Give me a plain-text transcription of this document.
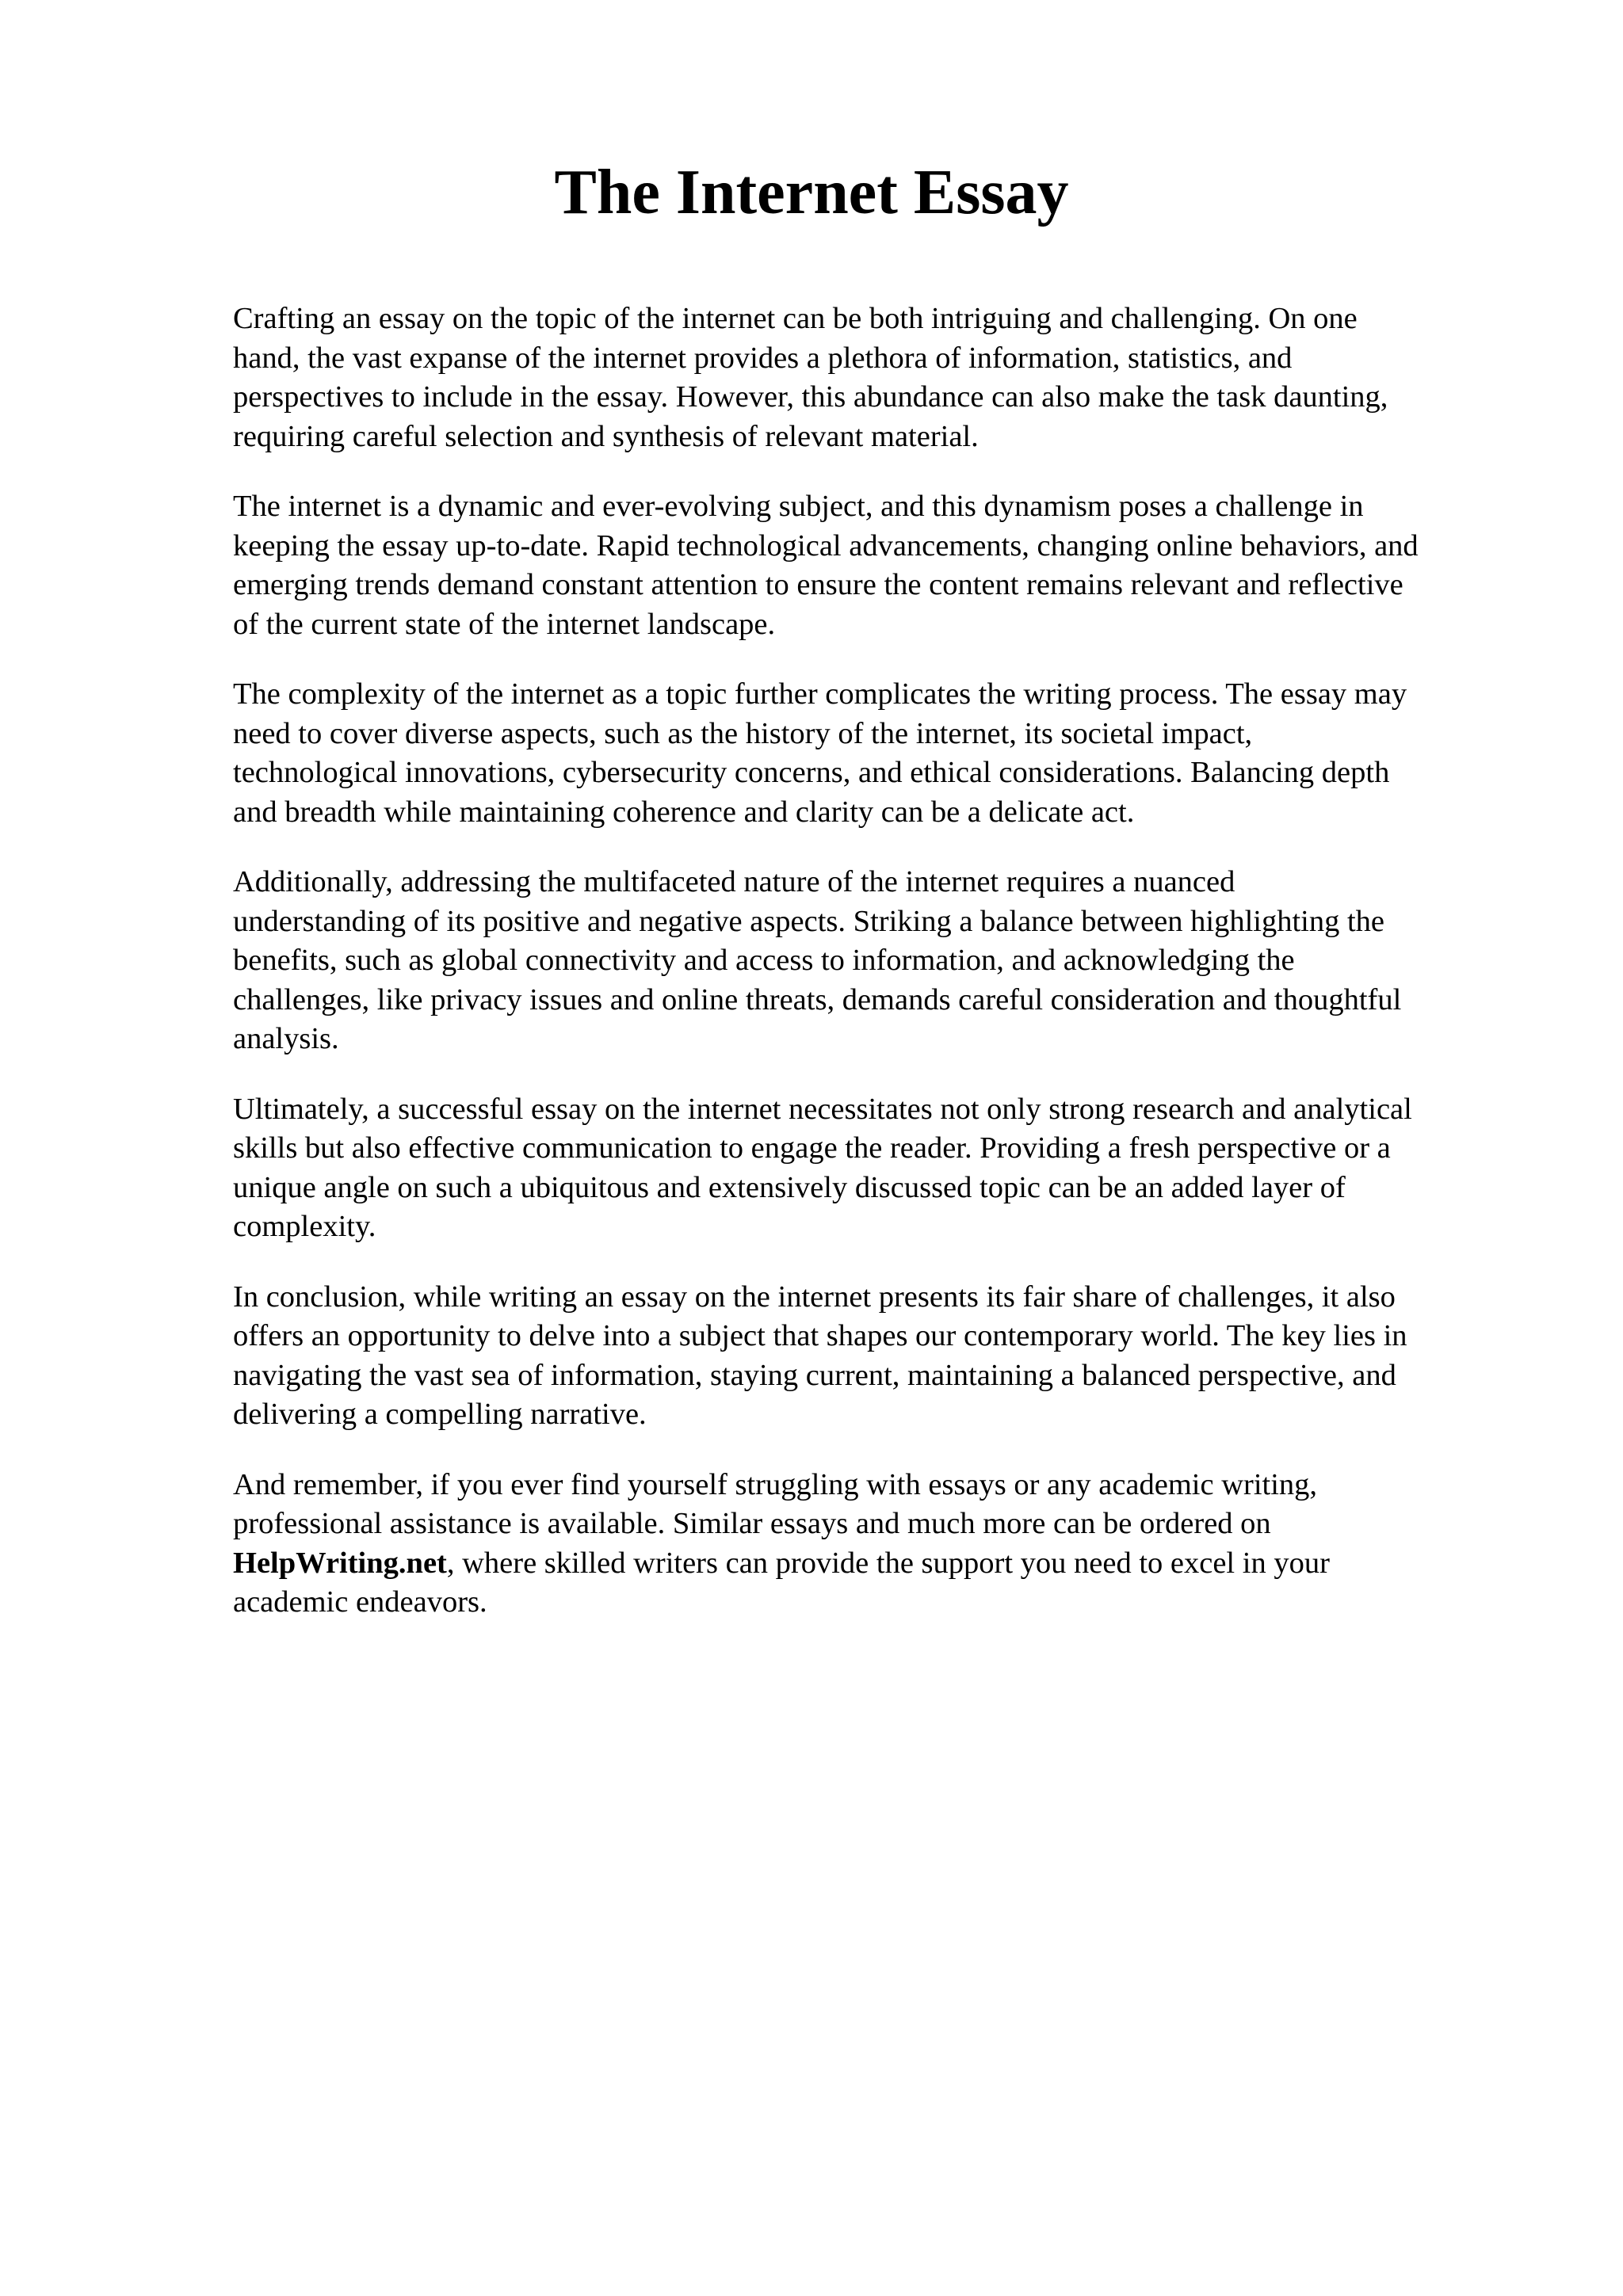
The Internet Essay

Crafting an essay on the topic of the internet can be both intriguing and challenging. On one
hand, the vast expanse of the internet provides a plethora of information, statistics, and
perspectives to include in the essay. However, this abundance can also make the task daunting,
requiring careful selection and synthesis of relevant material.

The internet is a dynamic and ever-evolving subject, and this dynamism poses a challenge in
keeping the essay up-to-date. Rapid technological advancements, changing online behaviors, and
emerging trends demand constant attention to ensure the content remains relevant and reflective
of the current state of the internet landscape.

The complexity of the internet as a topic further complicates the writing process. The essay may
need to cover diverse aspects, such as the history of the internet, its societal impact,
technological innovations, cybersecurity concerns, and ethical considerations. Balancing depth
and breadth while maintaining coherence and clarity can be a delicate act.

Additionally, addressing the multifaceted nature of the internet requires a nuanced
understanding of its positive and negative aspects. Striking a balance between highlighting the
benefits, such as global connectivity and access to information, and acknowledging the
challenges, like privacy issues and online threats, demands careful consideration and thoughtful
analysis.

Ultimately, a successful essay on the internet necessitates not only strong research and analytical
skills but also effective communication to engage the reader. Providing a fresh perspective or a
unique angle on such a ubiquitous and extensively discussed topic can be an added layer of
complexity.

In conclusion, while writing an essay on the internet presents its fair share of challenges, it also
offers an opportunity to delve into a subject that shapes our contemporary world. The key lies in
navigating the vast sea of information, staying current, maintaining a balanced perspective, and
delivering a compelling narrative.

And remember, if you ever find yourself struggling with essays or any academic writing,
professional assistance is available. Similar essays and much more can be ordered on
HelpWriting.net, where skilled writers can provide the support you need to excel in your
academic endeavors.
